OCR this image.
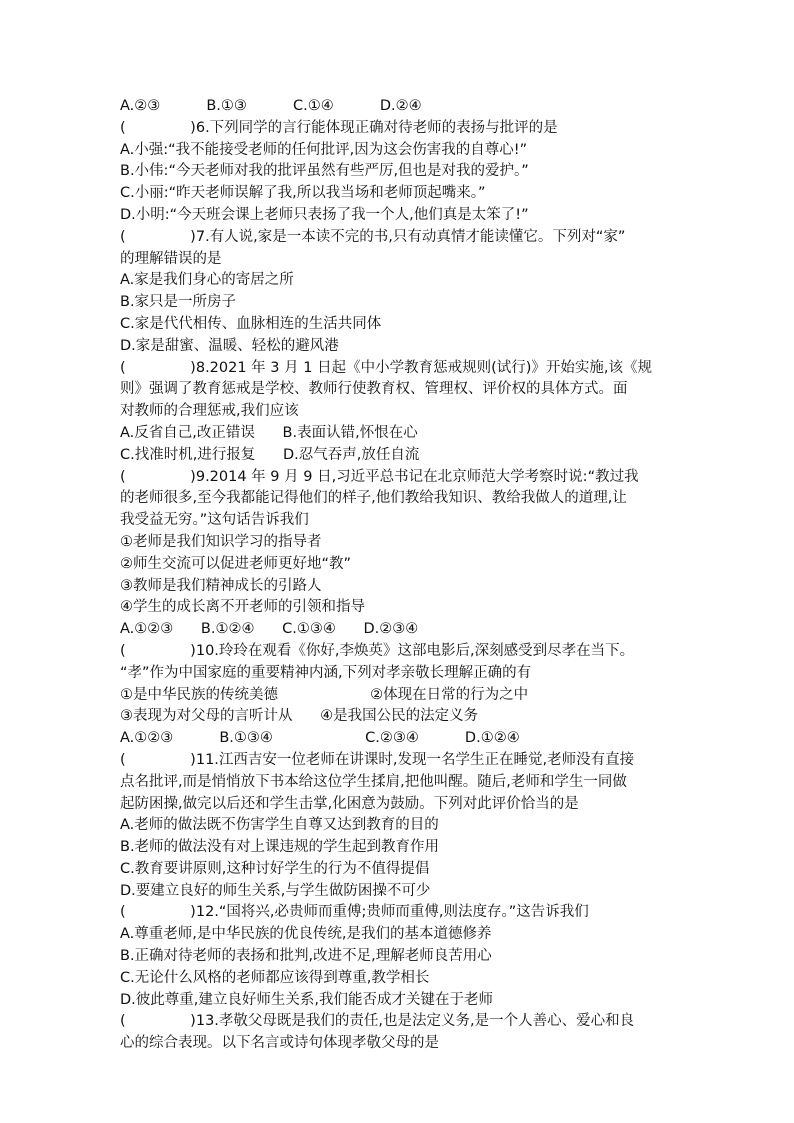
A.②③          B.①③          C.①④          D.②④
(              )6.下列同学的言行能体现正确对待老师的表扬与批评的是
A.小强:“我不能接受老师的任何批评,因为这会伤害我的自尊心!”
B.小伟:“今天老师对我的批评虽然有些严厉,但也是对我的爱护。”
C.小丽:“昨天老师误解了我,所以我当场和老师顶起嘴来。”
D.小明:“今天班会课上老师只表扬了我一个人,他们真是太笨了!”
(              )7.有人说,家是一本读不完的书,只有动真情才能读懂它。下列对“家”
的理解错误的是
A.家是我们身心的寄居之所
B.家只是一所房子
C.家是代代相传、血脉相连的生活共同体
D.家是甜蜜、温暖、轻松的避风港
(              )8.2021 年 3 月 1 日起《中小学教育惩戒规则(试行)》开始实施,该《规
则》强调了教育惩戒是学校、教师行使教育权、管理权、评价权的具体方式。面
对教师的合理惩戒,我们应该
A.反省自己,改正错误      B.表面认错,怀恨在心
C.找准时机,进行报复      D.忍气吞声,放任自流
(              )9.2014 年 9 月 9 日,习近平总书记在北京师范大学考察时说:“教过我
的老师很多,至今我都能记得他们的样子,他们教给我知识、教给我做人的道理,让
我受益无穷。”这句话告诉我们
①老师是我们知识学习的指导者
②师生交流可以促进老师更好地“教”
③教师是我们精神成长的引路人
④学生的成长离不开老师的引领和指导
A.①②③      B.①②④      C.①③④      D.②③④
(              )10.玲玲在观看《你好,李焕英》这部电影后,深刻感受到尽孝在当下。
“孝”作为中国家庭的重要精神内涵,下列对孝亲敬长理解正确的有
①是中华民族的传统美德                    ②体现在日常的行为之中
③表现为对父母的言听计从      ④是我国公民的法定义务
A.①②③          B.①③④                    C.②③④          D.①②④
(              )11.江西吉安一位老师在讲课时,发现一名学生正在睡觉,老师没有直接
点名批评,而是悄悄放下书本给这位学生揉肩,把他叫醒。随后,老师和学生一同做
起防困操,做完以后还和学生击掌,化困意为鼓励。下列对此评价恰当的是
A.老师的做法既不伤害学生自尊又达到教育的目的
B.老师的做法没有对上课违规的学生起到教育作用
C.教育要讲原则,这种讨好学生的行为不值得提倡
D.要建立良好的师生关系,与学生做防困操不可少
(              )12.“国将兴,必贵师而重傅;贵师而重傅,则法度存。”这告诉我们
A.尊重老师,是中华民族的优良传统,是我们的基本道德修养
B.正确对待老师的表扬和批判,改进不足,理解老师良苦用心
C.无论什么风格的老师都应该得到尊重,教学相长
D.彼此尊重,建立良好师生关系,我们能否成才关键在于老师
(              )13.孝敬父母既是我们的责任,也是法定义务,是一个人善心、爱心和良
心的综合表现。以下名言或诗句体现孝敬父母的是
